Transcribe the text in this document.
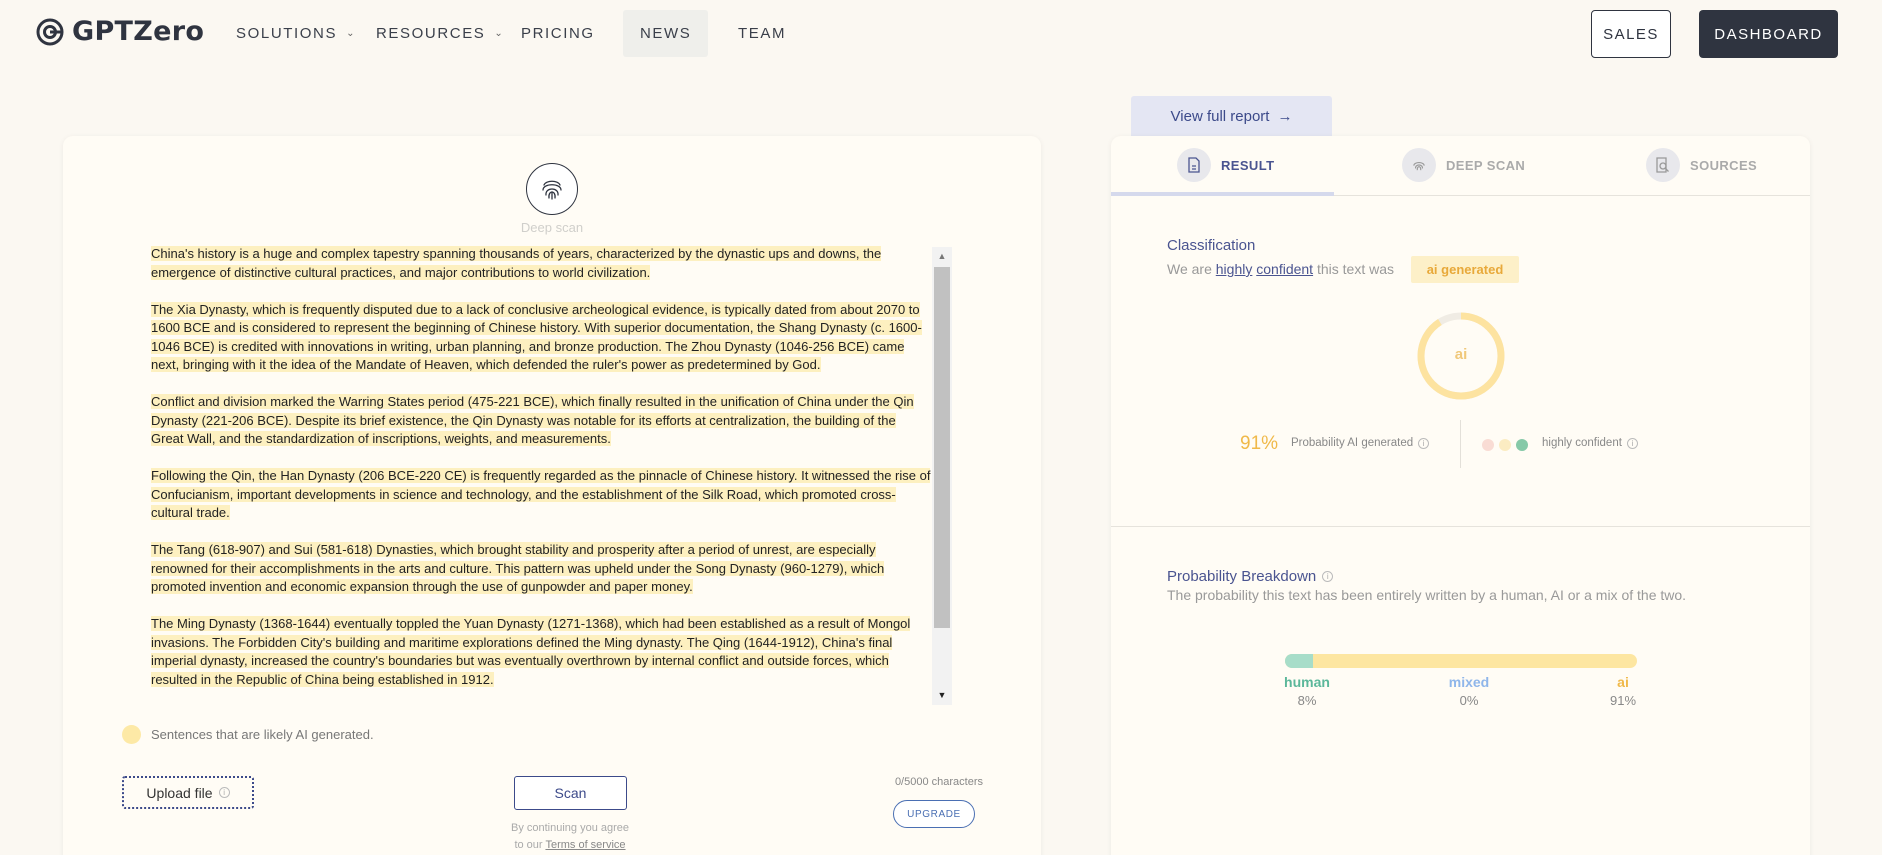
GPTZero SOLUTIONS ⌄ RESOURCES ⌄ PRICING	NEWS	TEAM	SALES	DASHBOARD
Deep scan

China's history is a huge and complex tapestry spanning thousands of years, characterized by the dynastic ups and downs, the emergence of distinctive cultural practices, and major contributions to world civilization.

The Xia Dynasty, which is frequently disputed due to a lack of conclusive archeological evidence, is typically dated from about 2070 to 1600 BCE and is considered to represent the beginning of Chinese history. With superior documentation, the Shang Dynasty (c. 1600-1046 BCE) is credited with innovations in writing, urban planning, and bronze production. The Zhou Dynasty (1046-256 BCE) came next, bringing with it the idea of the Mandate of Heaven, which defended the ruler's power as predetermined by God.

Conflict and division marked the Warring States period (475-221 BCE), which finally resulted in the unification of China under the Qin Dynasty (221-206 BCE). Despite its brief existence, the Qin Dynasty was notable for its efforts at centralization, the building of the Great Wall, and the standardization of inscriptions, weights, and measurements.

Following the Qin, the Han Dynasty (206 BCE-220 CE) is frequently regarded as the pinnacle of Chinese history. It witnessed the rise of Confucianism, important developments in science and technology, and the establishment of the Silk Road, which promoted cross-cultural trade.

The Tang (618-907) and Sui (581-618) Dynasties, which brought stability and prosperity after a period of unrest, are especially renowned for their accomplishments in the arts and culture. This pattern was upheld under the Song Dynasty (960-1279), which promoted invention and economic expansion through the use of gunpowder and paper money.

The Ming Dynasty (1368-1644) eventually toppled the Yuan Dynasty (1271-1368), which had been established as a result of Mongol invasions. The Forbidden City's building and maritime explorations defined the Ming dynasty. The Qing (1644-1912), China's final imperial dynasty, increased the country's boundaries but was eventually overthrown by internal conflict and outside forces, which resulted in the Republic of China being established in 1912.

▲
▼
Sentences that are likely AI generated.
Upload file	i	Scan
By continuing you agree
to our Terms of service
0/5000 characters
UPGRADE
View full report →
RESULT	DEEP SCAN	SOURCES
Classification
We are highly confident this text was	ai generated
ai
91% Probability AI generated	i	highly confident	i
Probability Breakdown	i
The probability this text has been entirely written by a human, AI or a mix of the two.
human
8%
mixed
0%
ai
91%
